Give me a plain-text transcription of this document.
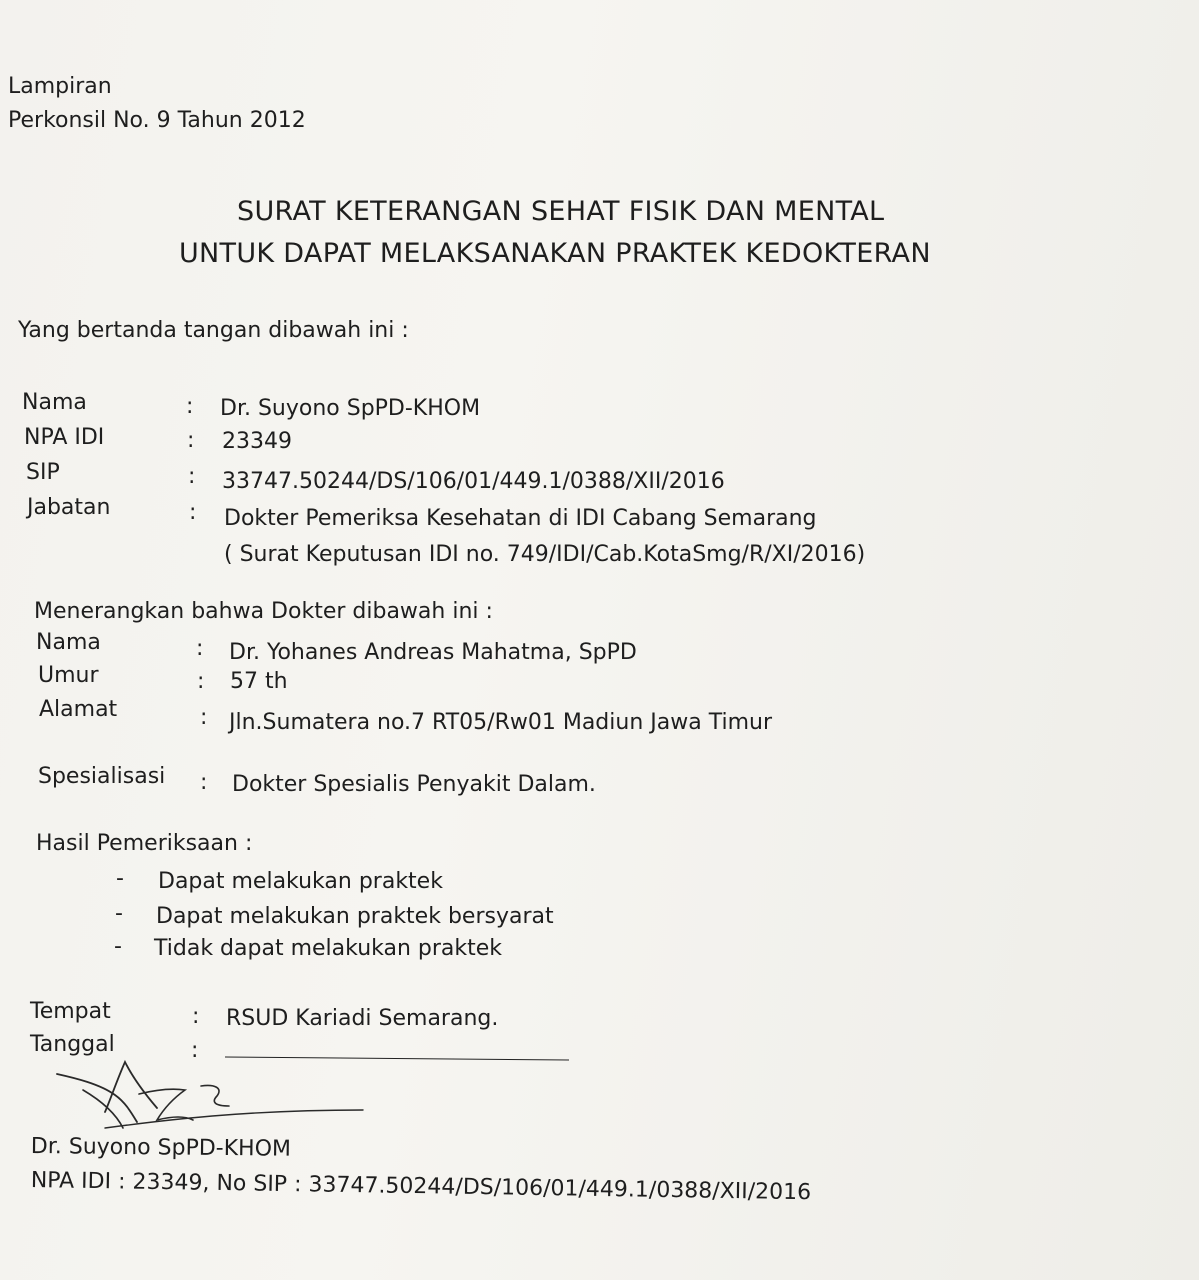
Lampiran
Perkonsil No. 9 Tahun 2012
SURAT KETERANGAN SEHAT FISIK DAN MENTAL
UNTUK DAPAT MELAKSANAKAN PRAKTEK KEDOKTERAN
Yang bertanda tangan dibawah ini :
Nama	: Dr. Suyono SpPD-KHOM
NPA IDI	: 23349
SIP	: 33747.50244/DS/106/01/449.1/0388/XII/2016
Jabatan	: Dokter Pemeriksa Kesehatan di IDI Cabang Semarang
( Surat Keputusan IDI no. 749/IDI/Cab.KotaSmg/R/XI/2016)
Menerangkan bahwa Dokter dibawah ini :
Nama	: Dr. Yohanes Andreas Mahatma, SpPD
Umur	: 57 th
Alamat	: Jln.Sumatera no.7 RT05/Rw01 Madiun Jawa Timur
Spesialisasi : Dokter Spesialis Penyakit Dalam.
Hasil Pemeriksaan :
- Dapat melakukan praktek
- Dapat melakukan praktek bersyarat
- Tidak dapat melakukan praktek
Tempat	: RSUD Kariadi Semarang.
Tanggal	:
Dr. Suyono SpPD-KHOM
NPA IDI : 23349, No SIP : 33747.50244/DS/106/01/449.1/0388/XII/2016
